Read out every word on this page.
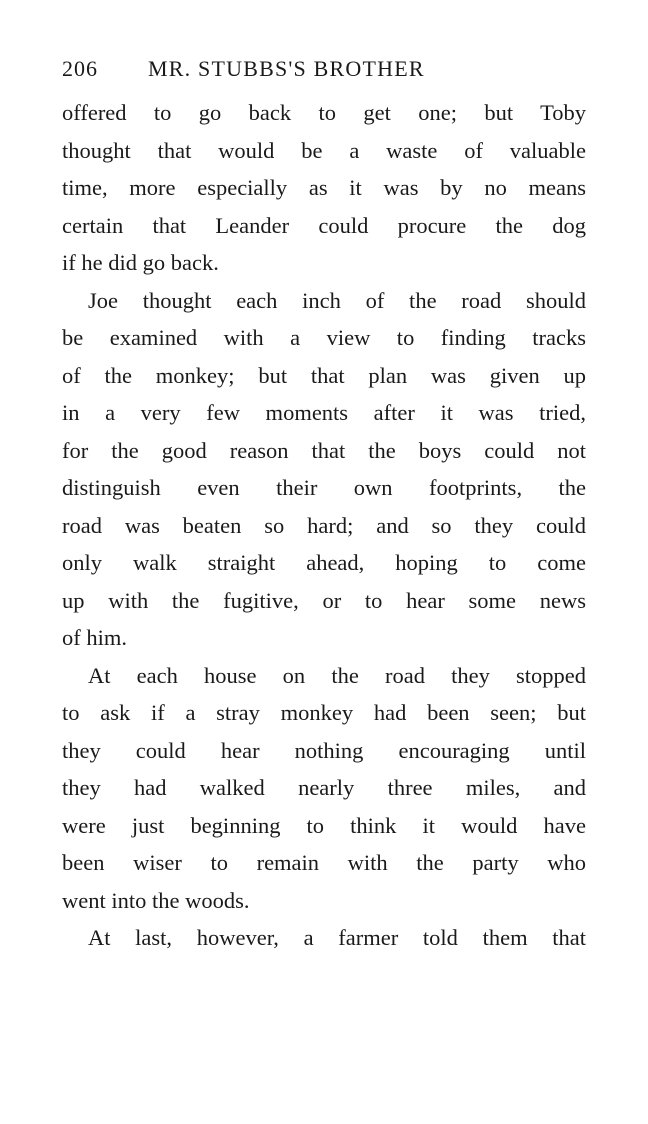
206	MR. STUBBS'S BROTHER
offered to go back to get one; but Toby
thought that would be a waste of valuable
time, more especially as it was by no means
certain that Leander could procure the dog
if he did go back.
Joe thought each inch of the road should
be examined with a view to finding tracks
of the monkey; but that plan was given up
in a very few moments after it was tried,
for the good reason that the boys could not
distinguish even their own footprints, the
road was beaten so hard; and so they could
only walk straight ahead, hoping to come
up with the fugitive, or to hear some news
of him.
At each house on the road they stopped
to ask if a stray monkey had been seen; but
they could hear nothing encouraging until
they had walked nearly three miles, and
were just beginning to think it would have
been wiser to remain with the party who
went into the woods.
At last, however, a farmer told them that
